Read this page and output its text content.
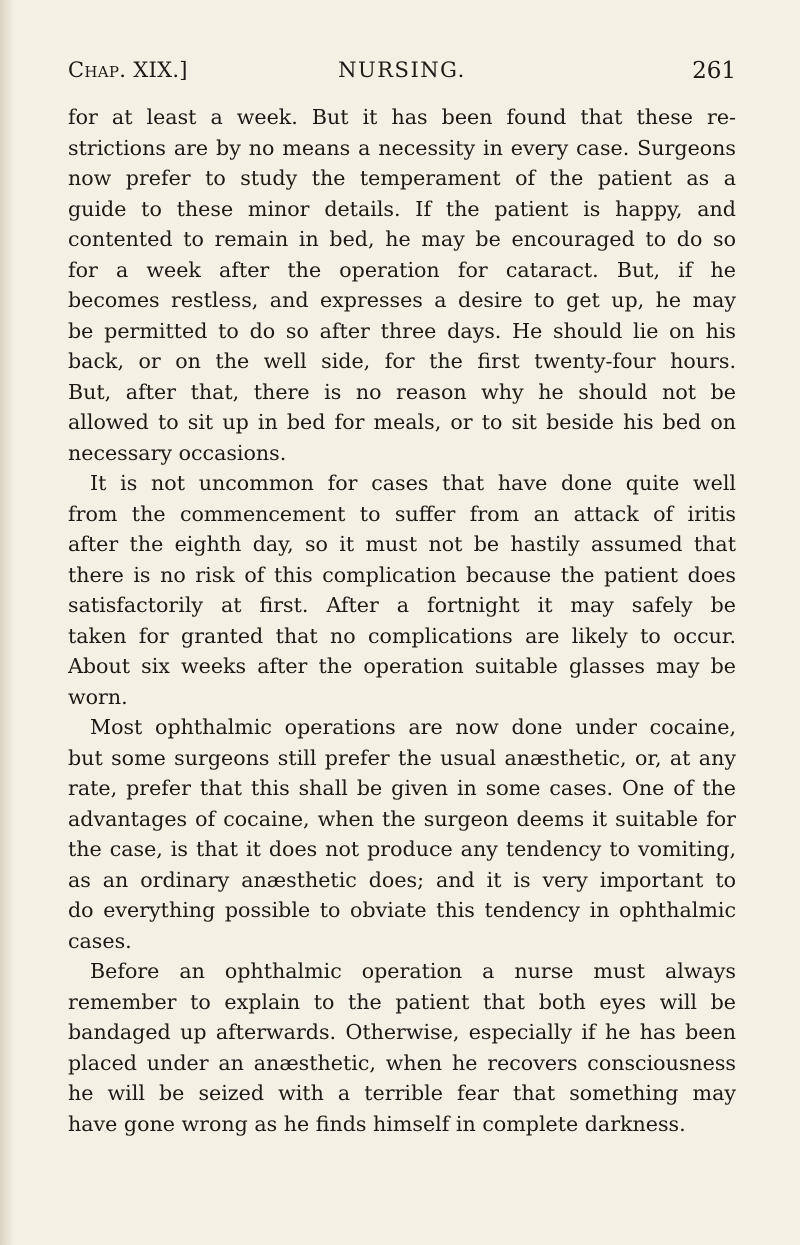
Chap. XIX.]	NURSING.	261
for at least a week. But it has been found that these re-
strictions are by no means a necessity in every case. Surgeons
now prefer to study the temperament of the patient as a
guide to these minor details. If the patient is happy, and
contented to remain in bed, he may be encouraged to do so
for a week after the operation for cataract. But, if he
becomes restless, and expresses a desire to get up, he may
be permitted to do so after three days. He should lie on his
back, or on the well side, for the first twenty-four hours.
But, after that, there is no reason why he should not be
allowed to sit up in bed for meals, or to sit beside his bed on
necessary occasions.
It is not uncommon for cases that have done quite well
from the commencement to suffer from an attack of iritis
after the eighth day, so it must not be hastily assumed that
there is no risk of this complication because the patient does
satisfactorily at first. After a fortnight it may safely be
taken for granted that no complications are likely to occur.
About six weeks after the operation suitable glasses may be
worn.
Most ophthalmic operations are now done under cocaine,
but some surgeons still prefer the usual anæsthetic, or, at any
rate, prefer that this shall be given in some cases. One of the
advantages of cocaine, when the surgeon deems it suitable for
the case, is that it does not produce any tendency to vomiting,
as an ordinary anæsthetic does; and it is very important to
do everything possible to obviate this tendency in ophthalmic
cases.
Before an ophthalmic operation a nurse must always
remember to explain to the patient that both eyes will be
bandaged up afterwards. Otherwise, especially if he has been
placed under an anæsthetic, when he recovers consciousness
he will be seized with a terrible fear that something may
have gone wrong as he finds himself in complete darkness.
